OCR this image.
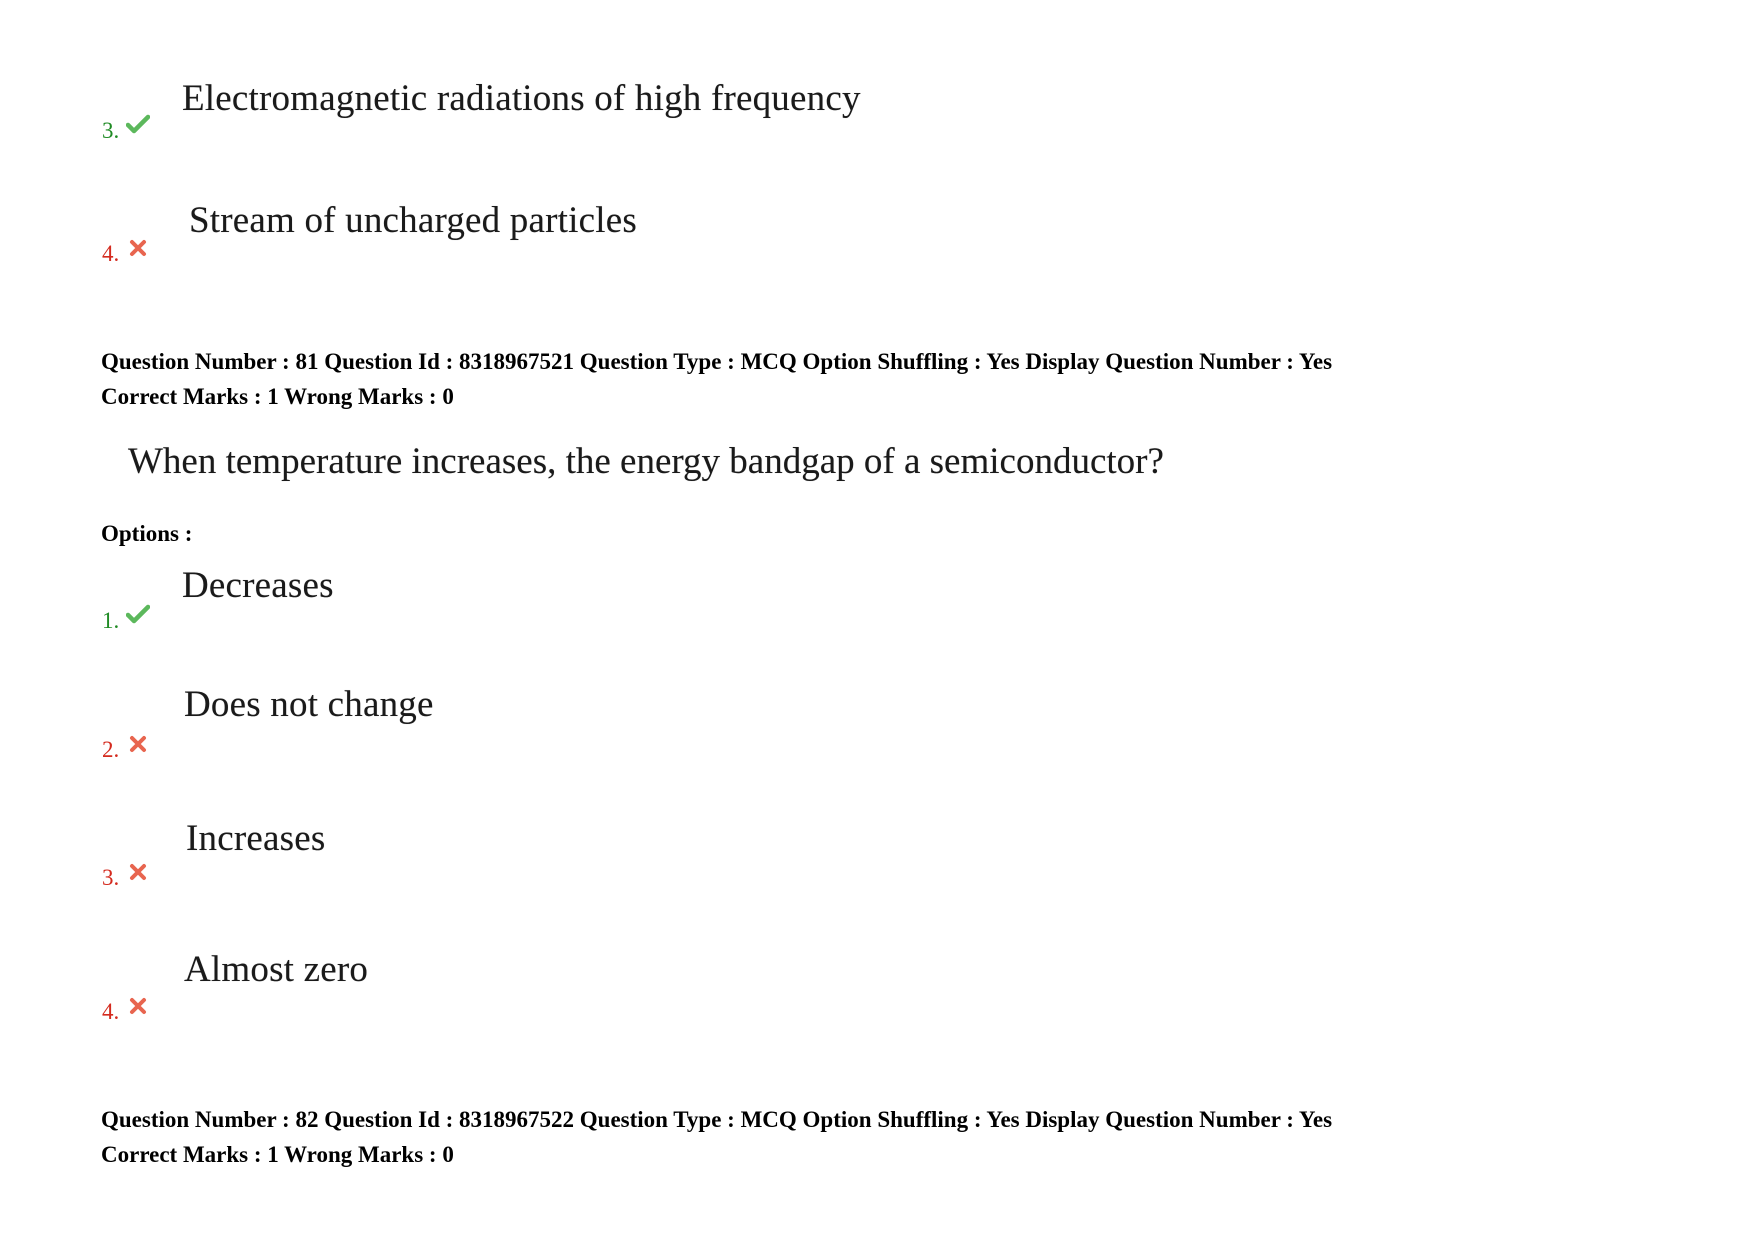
3.
Electromagnetic radiations of high frequency
4.
Stream of uncharged particles
Question Number : 81 Question Id : 8318967521 Question Type : MCQ Option Shuffling : Yes Display Question Number : Yes
Correct Marks : 1 Wrong Marks : 0
When temperature increases, the energy bandgap of a semiconductor?
Options :
1.
Decreases
2.
Does not change
3.
Increases
4.
Almost zero
Question Number : 82 Question Id : 8318967522 Question Type : MCQ Option Shuffling : Yes Display Question Number : Yes
Correct Marks : 1 Wrong Marks : 0
